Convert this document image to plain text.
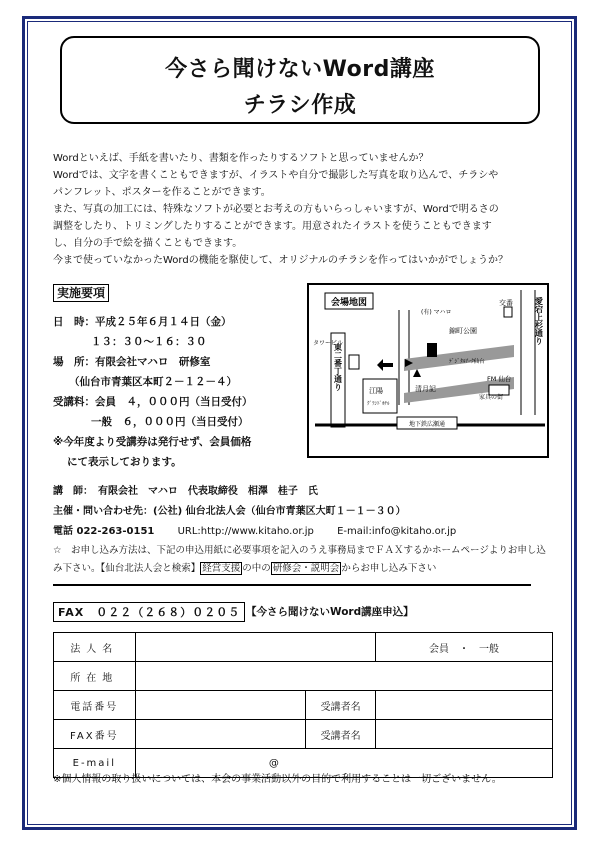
今さら聞けないWord講座
チラシ作成

Wordといえば、手紙を書いたり、書類を作ったりするソフトと思っていませんか？

Wordでは、文字を書くこともできますが、イラストや自分で撮影した写真を取り込んで、チラシや

パンフレット、ポスターを作ることができます。

また、写真の加工には、特殊なソフトが必要とお考えの方もいらっしゃいますが、Wordで明るさの

調整をしたり、トリミングしたりすることができます。用意されたイラストを使うこともできます

し、自分の手で絵を描くこともできます。

今まで使っていなかったWordの機能を駆使して、オリジナルのチラシを作ってはいかがでしょうか？

実施要項

日　時：平成２５年６月１４日（金）

１３：３０～１６：３０

場　所：有限会社マハロ　研修室

（仙台市青葉区本町２－１２－４）

受講料：会員　４，０００円（当日受付）

一般　６，０００円（当日受付）

※今年度より受講券は発行せず、会員価格

にて表示しております。

会場地図
タワービル
(有) マハロ
錦町公園
交番	愛宕上杉通り
東二番丁通り	ﾃﾞｼﾞﾀﾙｱｰｸ仙台
FM 仙台
江陽
ｸﾞﾗﾝﾄﾞﾎﾃﾙ
清月記
家具の街
地下鉄広瀬通
講　師：　有限会社　マハロ　代表取締役　相澤　桂子　氏
主催・問い合わせ先：(公社) 仙台北法人会（仙台市青葉区大町１－１－３０）
電話 022-263-0151　　 URL:http://www.kitaho.or.jp　　 E-mail:info@kitaho.or.jp
☆　お申し込み方法は、下記の申込用紙に必要事項を記入のうえ事務局までＦＡＸするかホームページよりお申し込み下さい。【仙台北法人会と検索】 経営支援 の中の 研修会・説明会 からお申し込み下さい
FAX　０２２（２６８）０２０５ 【今さら聞けないWord講座申込】
法人名			会員　・　一般
所在地			
電話番号		受講者名	
FAX番号		受講者名	
E-mail	@		
※個人情報の取り扱いについては、本会の事業活動以外の目的で利用することは一切ございません。
